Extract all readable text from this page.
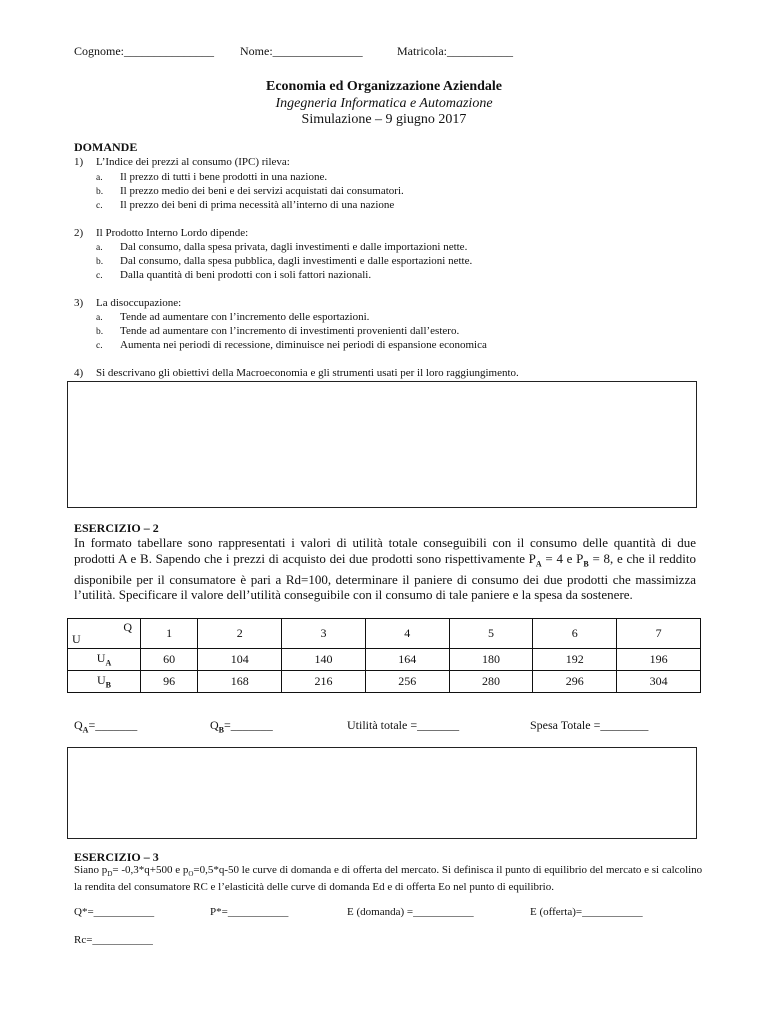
Cognome:_______________ Nome:_______________	Matricola:___________
Economia ed Organizzazione Aziendale
Ingegneria Informatica e Automazione
Simulazione – 9 giugno 2017
DOMANDE
1) L’Indice dei prezzi al consumo (IPC) rileva:
a. Il prezzo di tutti i bene prodotti in una nazione.
b. Il prezzo medio dei beni e dei servizi acquistati dai consumatori.
c. Il prezzo dei beni di prima necessità all’interno di una nazione
2) Il Prodotto Interno Lordo dipende:
a. Dal consumo, dalla spesa privata, dagli investimenti e dalle importazioni nette.
b. Dal consumo, dalla spesa pubblica, dagli investimenti e dalle esportazioni nette.
c. Dalla quantità di beni prodotti con i soli fattori nazionali.
3) La disoccupazione:
a. Tende ad aumentare con l’incremento delle esportazioni.
b. Tende ad aumentare con l’incremento di investimenti provenienti dall’estero.
c. Aumenta nei periodi di recessione, diminuisce nei periodi di espansione economica
4) Si descrivano gli obiettivi della Macroeconomia e gli strumenti usati per il loro raggiungimento.
ESERCIZIO – 2
In formato tabellare sono rappresentati i valori di utilità totale conseguibili con il consumo delle quantità di due prodotti A e B. Sapendo che i prezzi di acquisto dei due prodotti sono rispettivamente $P_A = 4$ e $P_B = 8$, e che il reddito disponibile per il consumatore è pari a Rd=100, determinare il paniere di consumo dei due prodotti che massimizza l’utilità. Specificare il valore dell’utilità conseguibile con il consumo di tale paniere e la spesa da sostenere.
Q
U	1	2	3	4	5	6	7
$U_A$	60	104	140	164	180	192	196
$U_B$	96	168	216	256	280	296	304
$Q_A=\_\_\_\_\_\_\_$	$Q_B=\_\_\_\_\_\_\_$	Utilità totale =_______	Spesa Totale =________
ESERCIZIO – 3
Siano $p_D= -0,3*q+500$ e $p_O=0,5*q-50$ le curve di domanda e di offerta del mercato. Si definisca il punto di equilibrio del mercato e si calcolino la rendita del consumatore RC e l’elasticità delle curve di domanda Ed e di offerta Eo nel punto di equilibrio.
Q*=___________	P*=___________	E (domanda) =___________	E (offerta)=___________
Rc=___________
